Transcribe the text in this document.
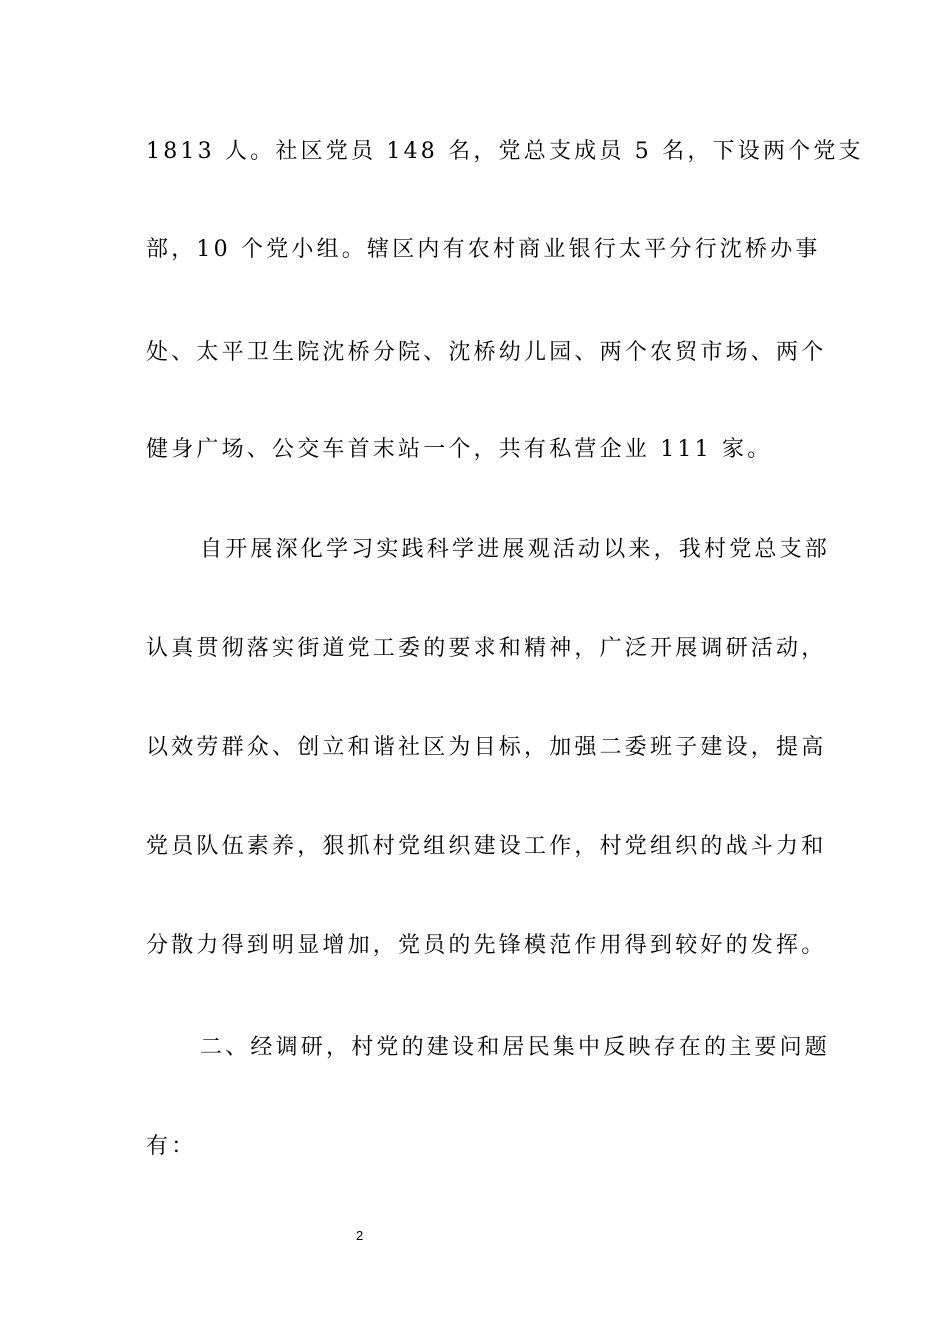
1813 人。社区党员 148 名，党总支成员 5 名，下设两个党支
部，10 个党小组。辖区内有农村商业银行太平分行沈桥办事
处、太平卫生院沈桥分院、沈桥幼儿园、两个农贸市场、两个
健身广场、公交车首末站一个，共有私营企业 111 家。
自开展深化学习实践科学进展观活动以来，我村党总支部
认真贯彻落实街道党工委的要求和精神，广泛开展调研活动，
以效劳群众、创立和谐社区为目标，加强二委班子建设，提高
党员队伍素养，狠抓村党组织建设工作，村党组织的战斗力和
分散力得到明显增加，党员的先锋模范作用得到较好的发挥。
二、经调研，村党的建设和居民集中反映存在的主要问题
有：
2
